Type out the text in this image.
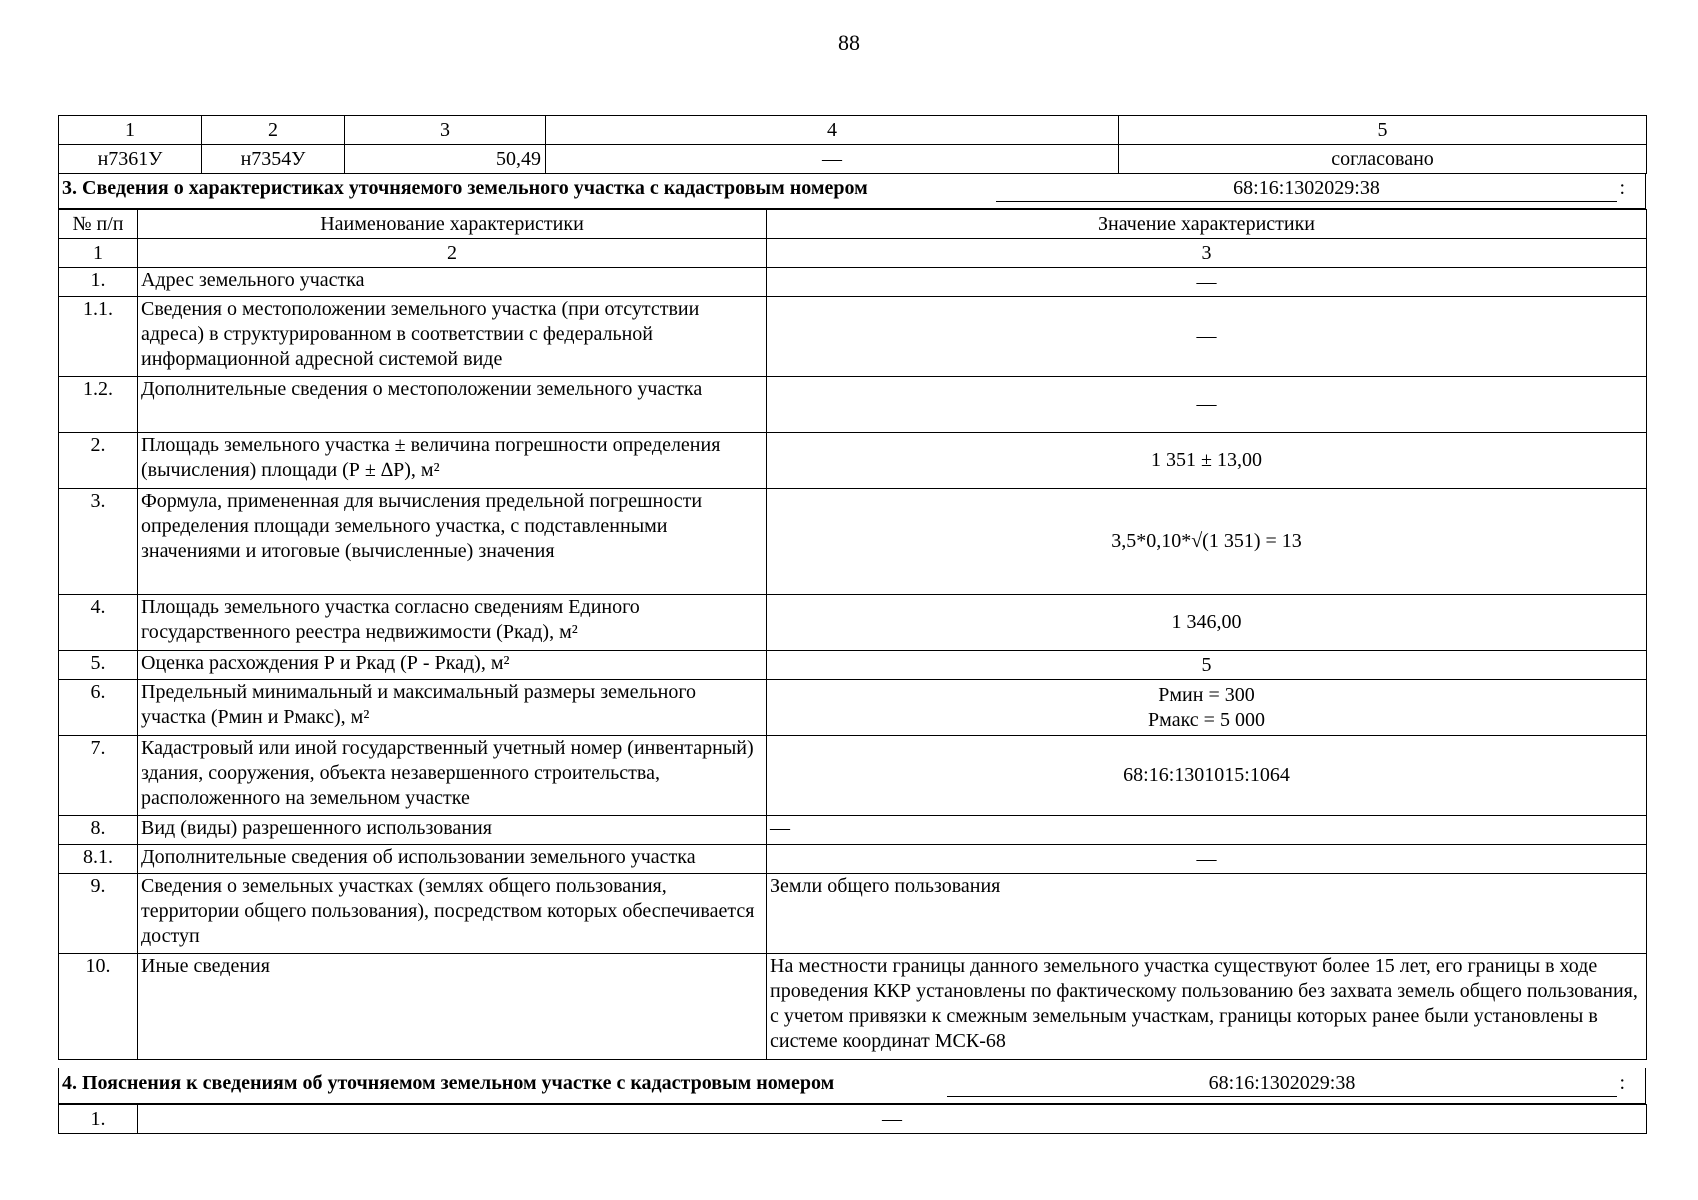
88
1	2	3	4	5
н7361У	н7354У	50,49	—	согласовано
3. Сведения о характеристиках уточняемого земельного участка с кадастровым номером	68:16:1302029:38	:
№ п/п	Наименование характеристики	Значение характеристики
1	2	3
1.	Адрес земельного участка	—
1.1.	Сведения о местоположении земельного участка (при отсутствии адреса) в структурированном в соответствии с федеральной информационной адресной системой виде	—
1.2.	Дополнительные сведения о местоположении земельного участка	—
2.	Площадь земельного участка ± величина погрешности определения (вычисления) площади (Р ± ∆Р), м²	1 351 ± 13,00
3.	Формула, примененная для вычисления предельной погрешности определения площади земельного участка, с подставленными значениями и итоговые (вычисленные) значения	3,5*0,10*√(1 351) = 13
4.	Площадь земельного участка согласно сведениям Единого государственного реестра недвижимости (Ркад), м²	1 346,00
5.	Оценка расхождения Р и Ркад (Р - Ркад), м²	5
6.	Предельный минимальный и максимальный размеры земельного участка (Рмин и Рмакс), м²	Рмин = 300
Рмакс = 5 000

7.	Кадастровый или иной государственный учетный номер (инвентарный) здания, сооружения, объекта незавершенного строительства, расположенного на земельном участке	68:16:1301015:1064
8.	Вид (виды) разрешенного использования	—
8.1.	Дополнительные сведения об использовании земельного участка	—
9.	Сведения о земельных участках (землях общего пользования, территории общего пользования), посредством которых обеспечивается доступ	Земли общего пользования
10.	Иные сведения	На местности границы данного земельного участка существуют более 15 лет, его границы в ходе проведения ККР установлены по фактическому пользованию без захвата земель общего пользования, с учетом привязки к смежным земельным участкам, границы которых ранее были установлены в системе координат МСК-68
4. Пояснения к сведениям об уточняемом земельном участке с кадастровым номером	68:16:1302029:38	:
1.	—
